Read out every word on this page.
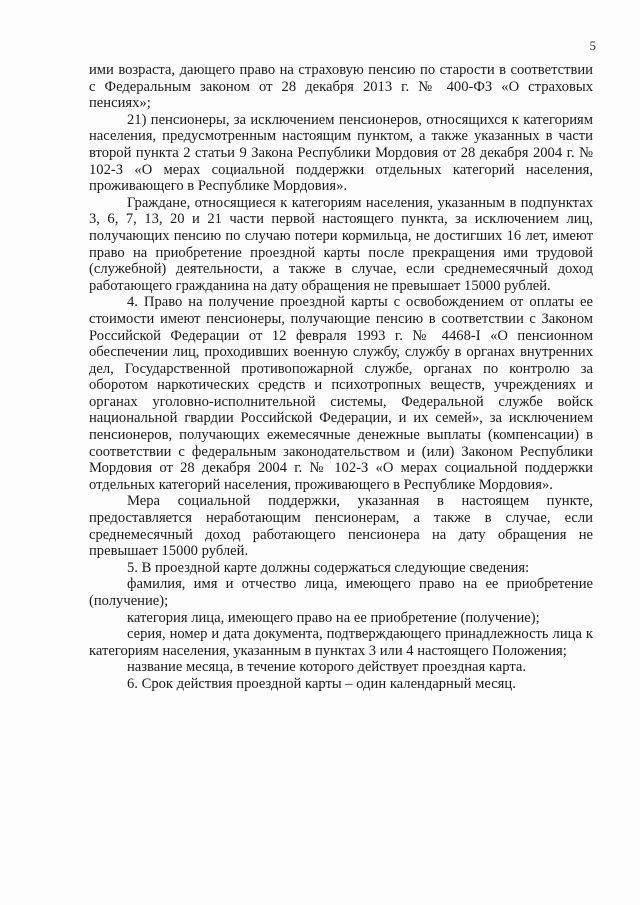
5

ими возраста, дающего право на страховую пенсию по старости в соответствии с Федеральным законом от 28 декабря 2013 г. № 400-ФЗ «О страховых пенсиях»;

21) пенсионеры, за исключением пенсионеров, относящихся к категориям населения, предусмотренным настоящим пунктом, а также указанных в части второй пункта 2 статьи 9 Закона Республики Мордовия от 28 декабря 2004 г. № 102-З «О мерах социальной поддержки отдельных категорий населения, проживающего в Республике Мордовия».

Граждане, относящиеся к категориям населения, указанным в подпунктах 3, 6, 7, 13, 20 и 21 части первой настоящего пункта, за исключением лиц, получающих пенсию по случаю потери кормильца, не достигших 16 лет, имеют право на приобретение проездной карты после прекращения ими трудовой (служебной) деятельности, а также в случае, если среднемесячный доход работающего гражданина на дату обращения не превышает 15000 рублей.

4. Право на получение проездной карты с освобождением от оплаты ее стоимости имеют пенсионеры, получающие пенсию в соответствии с Законом Российской Федерации от 12 февраля 1993 г. № 4468-I «О пенсионном обеспечении лиц, проходивших военную службу, службу в органах внутренних дел, Государственной противопожарной службе, органах по контролю за оборотом наркотических средств и психотропных веществ, учреждениях и органах уголовно-исполнительной системы, Федеральной службе войск национальной гвардии Российской Федерации, и их семей», за исключением пенсионеров, получающих ежемесячные денежные выплаты (компенсации) в соответствии с федеральным законодательством и (или) Законом Республики Мордовия от 28 декабря 2004 г. № 102-З «О мерах социальной поддержки отдельных категорий населения, проживающего в Республике Мордовия».

Мера социальной поддержки, указанная в настоящем пункте, предоставляется неработающим пенсионерам, а также в случае, если среднемесячный доход работающего пенсионера на дату обращения не превышает 15000 рублей.

5. В проездной карте должны содержаться следующие сведения:

фамилия, имя и отчество лица, имеющего право на ее приобретение (получение);

категория лица, имеющего право на ее приобретение (получение);

серия, номер и дата документа, подтверждающего принадлежность лица к категориям населения, указанным в пунктах 3 или 4 настоящего Положения;

название месяца, в течение которого действует проездная карта.

6. Срок действия проездной карты – один календарный месяц.
